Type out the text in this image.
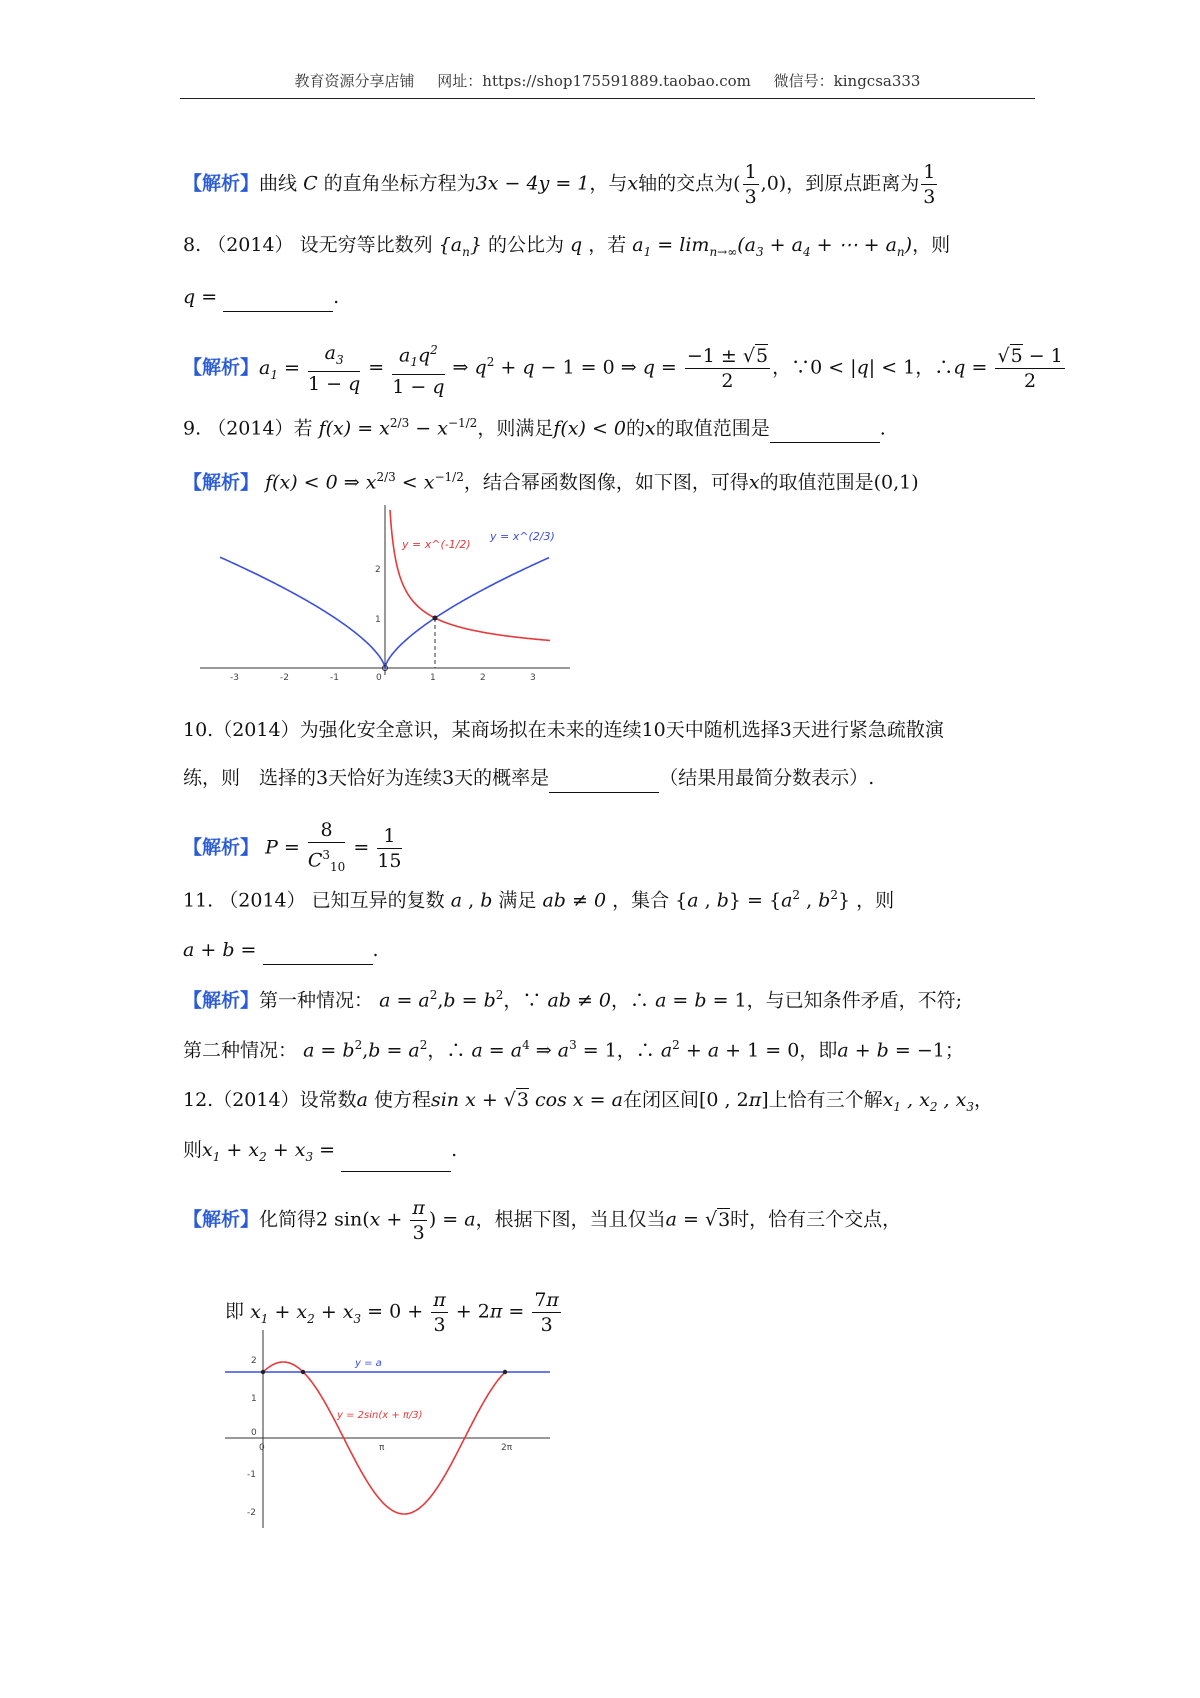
教育资源分享店铺 网址：https://shop175591889.taobao.com 微信号：kingcsa333
【解析】曲线 C 的直角坐标方程为3x − 4y = 1，与x轴的交点为( $\frac{1}{3} ,0$)，到原点距离为 $\frac{1}{3}$
8. （2014） 设无穷等比数列 $\{a_n\}$ 的公比为 q ，若 $a_1 = \lim_{n\to\infty}(a_3 + a_4$ + ⋯ + $a_n$)，则
q =	.
【解析】$a_1 = \frac{a_3}{1 - q} = \frac{a_1q^2}{1 - q}$ ⇒ $q^2 + q - 1 = 0$ ⇒ $q = \frac{-1 \pm √5}{2}$ ，∵0 < |q| < 1，∴q = $\frac{√5 - 1}{2}$
9. （2014）若 $f(x) = x^{2/3} - x^{-1/2}$，则满足f(x) < 0的x的取值范围是	.
【解析】 f(x) < 0 ⇒ $x^{2/3} < x^{-1/2}$，结合幂函数图像，如下图，可得x的取值范围是(0,1)
-3	-2	-1	0	1	2	3
1
2
y = x^(-1/2)
y = x^(2/3)
10.（2014）为强化安全意识，某商场拟在未来的连续10天中随机选择3天进行紧急疏散演
练，则　选择的3天恰好为连续3天的概率是	（结果用最简分数表示）.
【解析】 $P = \frac{8}{C^3_{10}} = \frac{1}{15}$
11. （2014） 已知互异的复数 a , b 满足 ab ≠ 0 ，集合 {a , $b\} = \{a^2$ , $b^2$} ，则
a + b =	.
【解析】第一种情况： $a = a^2,b = b^2$，∵ ab ≠ 0，∴ a = b = 1，与已知条件矛盾，不符;
第二种情况： $a = b^2,b = a^2$，∴ $a = a^4$ ⇒ $a^3 = 1$，∴ $a^2 + a + 1 = 0$，即a + b = −1；
12.（2014）设常数a 使方程sin x + √3 cos x = a在闭区间[0 , 2π]上恰有三个解$x_1$ , $x_2$ , $x_3$，
则$x_1 + x_2 + x_3$ =	.
【解析】化简得2 $\sin(x + \frac{\pi}{3}$ ) = a，根据下图，当且仅当a = √3时，恰有三个交点，
即 $x_1 + x_2 + x_3 = 0 + \frac{\pi}{3} + 2\pi = \frac{7\pi}{3}$
2
1
0
-1
-2
0	π	2π
y = a
y = 2sin(x + π/3)
